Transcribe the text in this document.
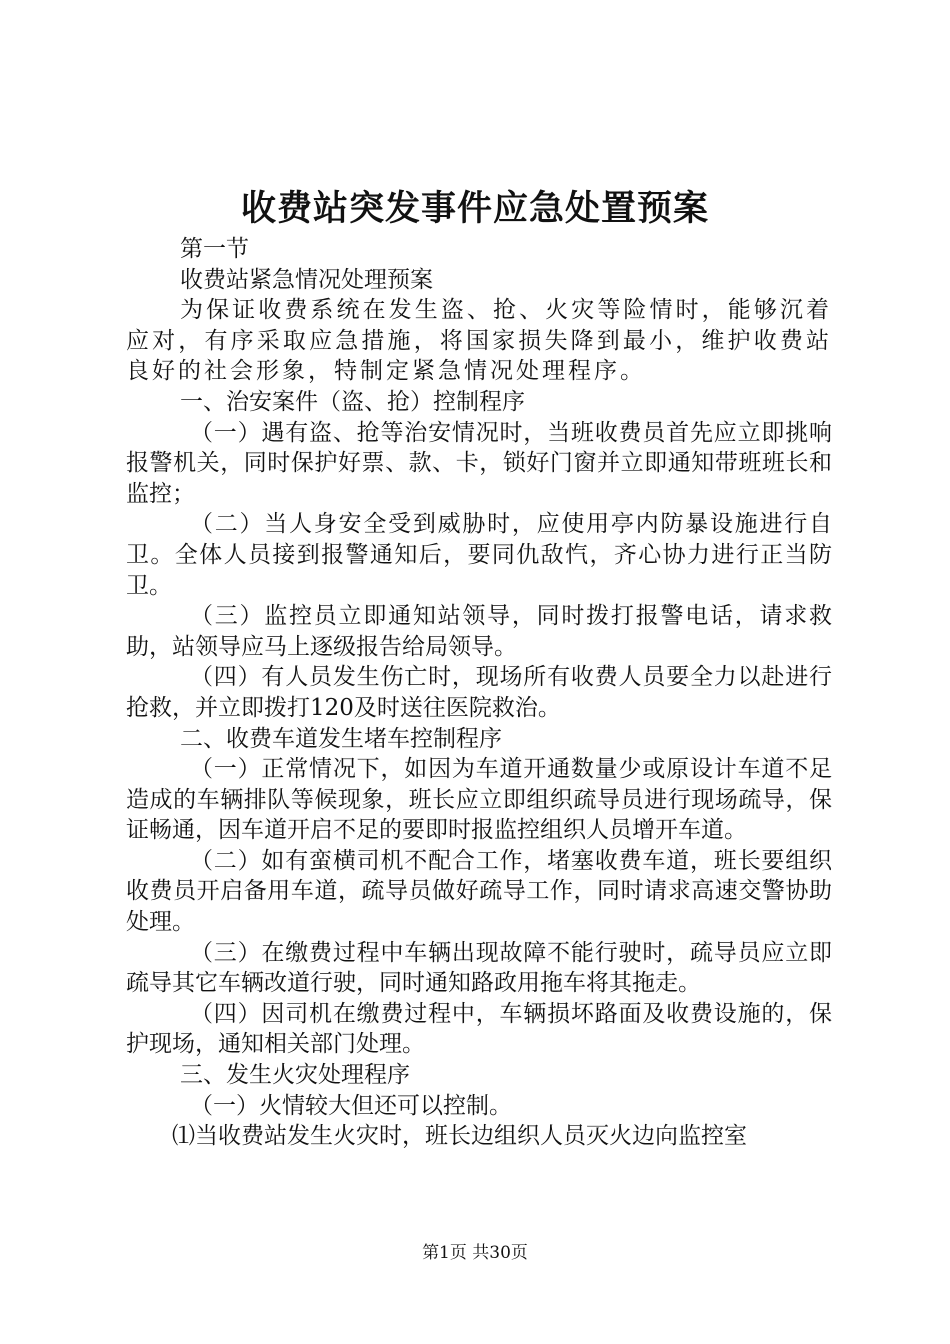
收费站突发事件应急处置预案

第一节

收费站紧急情况处理预案

为保证收费系统在发生盗、抢、火灾等险情时，能够沉着应对，有序采取应急措施，将国家损失降到最小，维护收费站良好的社会形象，特制定紧急情况处理程序。

一、治安案件（盗、抢）控制程序

（一）遇有盗、抢等治安情况时，当班收费员首先应立即挑响报警机关，同时保护好票、款、卡，锁好门窗并立即通知带班班长和监控；

（二）当人身安全受到威胁时，应使用亭内防暴设施进行自卫。全体人员接到报警通知后，要同仇敌忾，齐心协力进行正当防卫。

（三）监控员立即通知站领导，同时拨打报警电话，请求救助，站领导应马上逐级报告给局领导。

（四）有人员发生伤亡时，现场所有收费人员要全力以赴进行抢救，并立即拨打120及时送往医院救治。

二、收费车道发生堵车控制程序

（一）正常情况下，如因为车道开通数量少或原设计车道不足造成的车辆排队等候现象，班长应立即组织疏导员进行现场疏导，保证畅通，因车道开启不足的要即时报监控组织人员增开车道。

（二）如有蛮横司机不配合工作，堵塞收费车道，班长要组织收费员开启备用车道，疏导员做好疏导工作，同时请求高速交警协助处理。

（三）在缴费过程中车辆出现故障不能行驶时，疏导员应立即疏导其它车辆改道行驶，同时通知路政用拖车将其拖走。

（四）因司机在缴费过程中，车辆损坏路面及收费设施的，保护现场，通知相关部门处理。

三、发生火灾处理程序

（一）火情较大但还可以控制。

⑴当收费站发生火灾时，班长边组织人员灭火边向监控室

第1页 共30页
